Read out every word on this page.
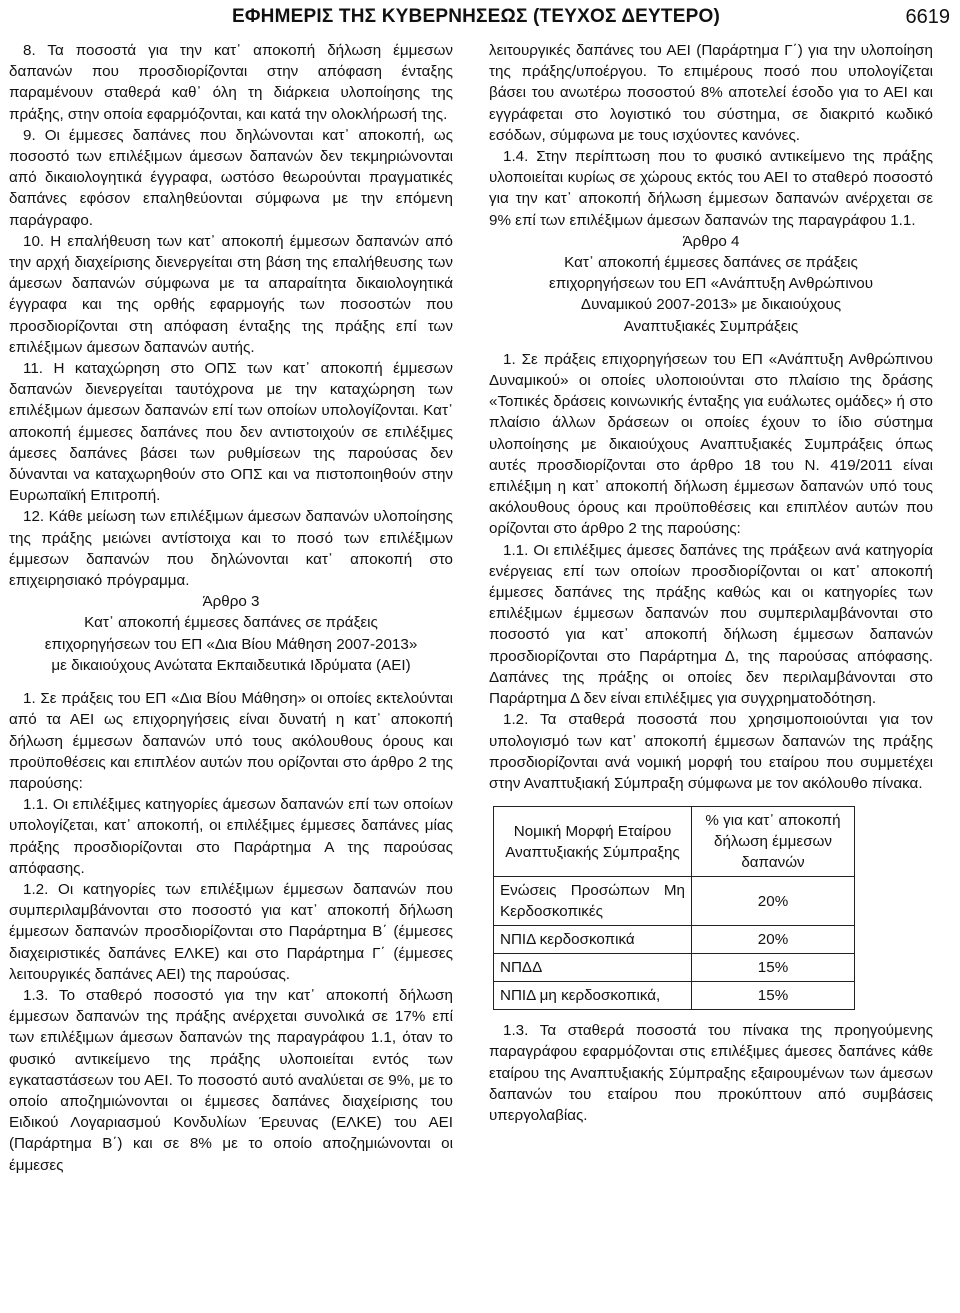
ΕΦΗΜΕΡΙΣ ΤΗΣ ΚΥΒΕΡΝΗΣΕΩΣ (ΤΕΥΧΟΣ ΔΕΥΤΕΡΟ)	6619

8. Τα ποσοστά για την κατ᾽ αποκοπή δήλωση έμμεσων δαπανών που προσδιορίζονται στην απόφαση ένταξης παραμένουν σταθερά καθ᾽ όλη τη διάρκεια υλοποίησης της πράξης, στην οποία εφαρμόζονται, και κατά την ολοκλήρωσή της.

9. Οι έμμεσες δαπάνες που δηλώνονται κατ᾽ αποκοπή, ως ποσοστό των επιλέξιμων άμεσων δαπανών δεν τεκμηριώνονται από δικαιολογητικά έγγραφα, ωστόσο θεωρούνται πραγματικές δαπάνες εφόσον επαληθεύονται σύμφωνα με την επόμενη παράγραφο.

10. Η επαλήθευση των κατ᾽ αποκοπή έμμεσων δαπανών από την αρχή διαχείρισης διενεργείται στη βάση της επαλήθευσης των άμεσων δαπανών σύμφωνα με τα απαραίτητα δικαιολογητικά έγγραφα και της ορθής εφαρμογής των ποσοστών που προσδιορίζονται στη απόφαση ένταξης της πράξης επί των επιλέξιμων άμεσων δαπανών αυτής.

11. Η καταχώρηση στο ΟΠΣ των κατ᾽ αποκοπή έμμεσων δαπανών διενεργείται ταυτόχρονα με την καταχώρηση των επιλέξιμων άμεσων δαπανών επί των οποίων υπολογίζονται. Κατ᾽ αποκοπή έμμεσες δαπάνες που δεν αντιστοιχούν σε επιλέξιμες άμεσες δαπάνες βάσει των ρυθμίσεων της παρούσας δεν δύνανται να καταχωρηθούν στο ΟΠΣ και να πιστοποιηθούν στην Ευρωπαϊκή Επιτροπή.

12. Κάθε μείωση των επιλέξιμων άμεσων δαπανών υλοποίησης της πράξης μειώνει αντίστοιχα και το ποσό των επιλέξιμων έμμεσων δαπανών που δηλώνονται κατ᾽ αποκοπή στο επιχειρησιακό πρόγραμμα.

Άρθρο 3

Κατ᾽ αποκοπή έμμεσες δαπάνες σε πράξεις

επιχορηγήσεων του ΕΠ «Δια Βίου Μάθηση 2007-2013»

με δικαιούχους Ανώτατα Εκπαιδευτικά Ιδρύματα (ΑΕΙ)

1. Σε πράξεις του ΕΠ «Δια Βίου Μάθηση» οι οποίες εκτελούνται από τα ΑΕΙ ως επιχορηγήσεις είναι δυνατή η κατ᾽ αποκοπή δήλωση έμμεσων δαπανών υπό τους ακόλουθους όρους και προϋποθέσεις και επιπλέον αυτών που ορίζονται στο άρθρο 2 της παρούσης:

1.1. Οι επιλέξιμες κατηγορίες άμεσων δαπανών επί των οποίων υπολογίζεται, κατ᾽ αποκοπή, οι επιλέξιμες έμμεσες δαπάνες μίας πράξης προσδιορίζονται στο Παράρτημα Α της παρούσας απόφασης.

1.2. Οι κατηγορίες των επιλέξιμων έμμεσων δαπανών που συμπεριλαμβάνονται στο ποσοστό για κατ᾽ αποκοπή δήλωση έμμεσων δαπανών προσδιορίζονται στο Παράρτημα Β΄ (έμμεσες διαχειριστικές δαπάνες ΕΛΚΕ) και στο Παράρτημα Γ΄ (έμμεσες λειτουργικές δαπάνες ΑΕΙ) της παρούσας.

1.3. Το σταθερό ποσοστό για την κατ᾽ αποκοπή δήλωση έμμεσων δαπανών της πράξης ανέρχεται συνολικά σε 17% επί των επιλέξιμων άμεσων δαπανών της παραγράφου 1.1, όταν το φυσικό αντικείμενο της πράξης υλοποιείται εντός των εγκαταστάσεων του ΑΕΙ. Το ποσοστό αυτό αναλύεται σε 9%, με το οποίο αποζημιώνονται οι έμμεσες δαπάνες διαχείρισης του Ειδικού Λογαριασμού Κονδυλίων Έρευνας (ΕΛΚΕ) του ΑΕΙ (Παράρτημα Β΄) και σε 8% με το οποίο αποζημιώνονται οι έμμεσες

λειτουργικές δαπάνες του ΑΕΙ (Παράρτημα Γ΄) για την υλοποίηση της πράξης/υποέργου. Το επιμέρους ποσό που υπολογίζεται βάσει του ανωτέρω ποσοστού 8% αποτελεί έσοδο για το ΑΕΙ και εγγράφεται στο λογιστικό του σύστημα, σε διακριτό κωδικό εσόδων, σύμφωνα με τους ισχύοντες κανόνες.

1.4. Στην περίπτωση που το φυσικό αντικείμενο της πράξης υλοποιείται κυρίως σε χώρους εκτός του ΑΕΙ το σταθερό ποσοστό για την κατ᾽ αποκοπή δήλωση έμμεσων δαπανών ανέρχεται σε 9% επί των επιλέξιμων άμεσων δαπανών της παραγράφου 1.1.

Άρθρο 4

Κατ᾽ αποκοπή έμμεσες δαπάνες σε πράξεις

επιχορηγήσεων του ΕΠ «Ανάπτυξη Ανθρώπινου

Δυναμικού 2007-2013» με δικαιούχους

Αναπτυξιακές Συμπράξεις

1. Σε πράξεις επιχορηγήσεων του ΕΠ «Ανάπτυξη Ανθρώπινου Δυναμικού» οι οποίες υλοποιούνται στο πλαίσιο της δράσης «Τοπικές δράσεις κοινωνικής ένταξης για ευάλωτες ομάδες» ή στο πλαίσιο άλλων δράσεων οι οποίες έχουν το ίδιο σύστημα υλοποίησης με δικαιούχους Αναπτυξιακές Συμπράξεις όπως αυτές προσδιορίζονται στο άρθρο 18 του Ν. 419/2011 είναι επιλέξιμη η κατ᾽ αποκοπή δήλωση έμμεσων δαπανών υπό τους ακόλουθους όρους και προϋποθέσεις και επιπλέον αυτών που ορίζονται στο άρθρο 2 της παρούσης:

1.1. Οι επιλέξιμες άμεσες δαπάνες της πράξεων ανά κατηγορία ενέργειας επί των οποίων προσδιορίζονται οι κατ᾽ αποκοπή έμμεσες δαπάνες της πράξης καθώς και οι κατηγορίες των επιλέξιμων έμμεσων δαπανών που συμπεριλαμβάνονται στο ποσοστό για κατ᾽ αποκοπή δήλωση έμμεσων δαπανών προσδιορίζονται στο Παράρτημα Δ, της παρούσας απόφασης. Δαπάνες της πράξης οι οποίες δεν περιλαμβάνονται στο Παράρτημα Δ δεν είναι επιλέξιμες για συγχρηματοδότηση.

1.2. Τα σταθερά ποσοστά που χρησιμοποιούνται για τον υπολογισμό των κατ᾽ αποκοπή έμμεσων δαπανών της πράξης προσδιορίζονται ανά νομική μορφή του εταίρου που συμμετέχει στην Αναπτυξιακή Σύμπραξη σύμφωνα με τον ακόλουθο πίνακα.

Νομική Μορφή Εταίρου Αναπτυξιακής Σύμπραξης	% για κατ᾽ αποκοπή δήλωση έμμεσων δαπανών
Ενώσεις Προσώπων Μη Κερδοσκοπικές	20%
ΝΠΙΔ κερδοσκοπικά	20%
ΝΠΔΔ	15%
ΝΠΙΔ μη κερδοσκοπικά,	15%

1.3. Τα σταθερά ποσοστά του πίνακα της προηγούμενης παραγράφου εφαρμόζονται στις επιλέξιμες άμεσες δαπάνες κάθε εταίρου της Αναπτυξιακής Σύμπραξης εξαιρουμένων των άμεσων δαπανών του εταίρου που προκύπτουν από συμβάσεις υπεργολαβίας.
